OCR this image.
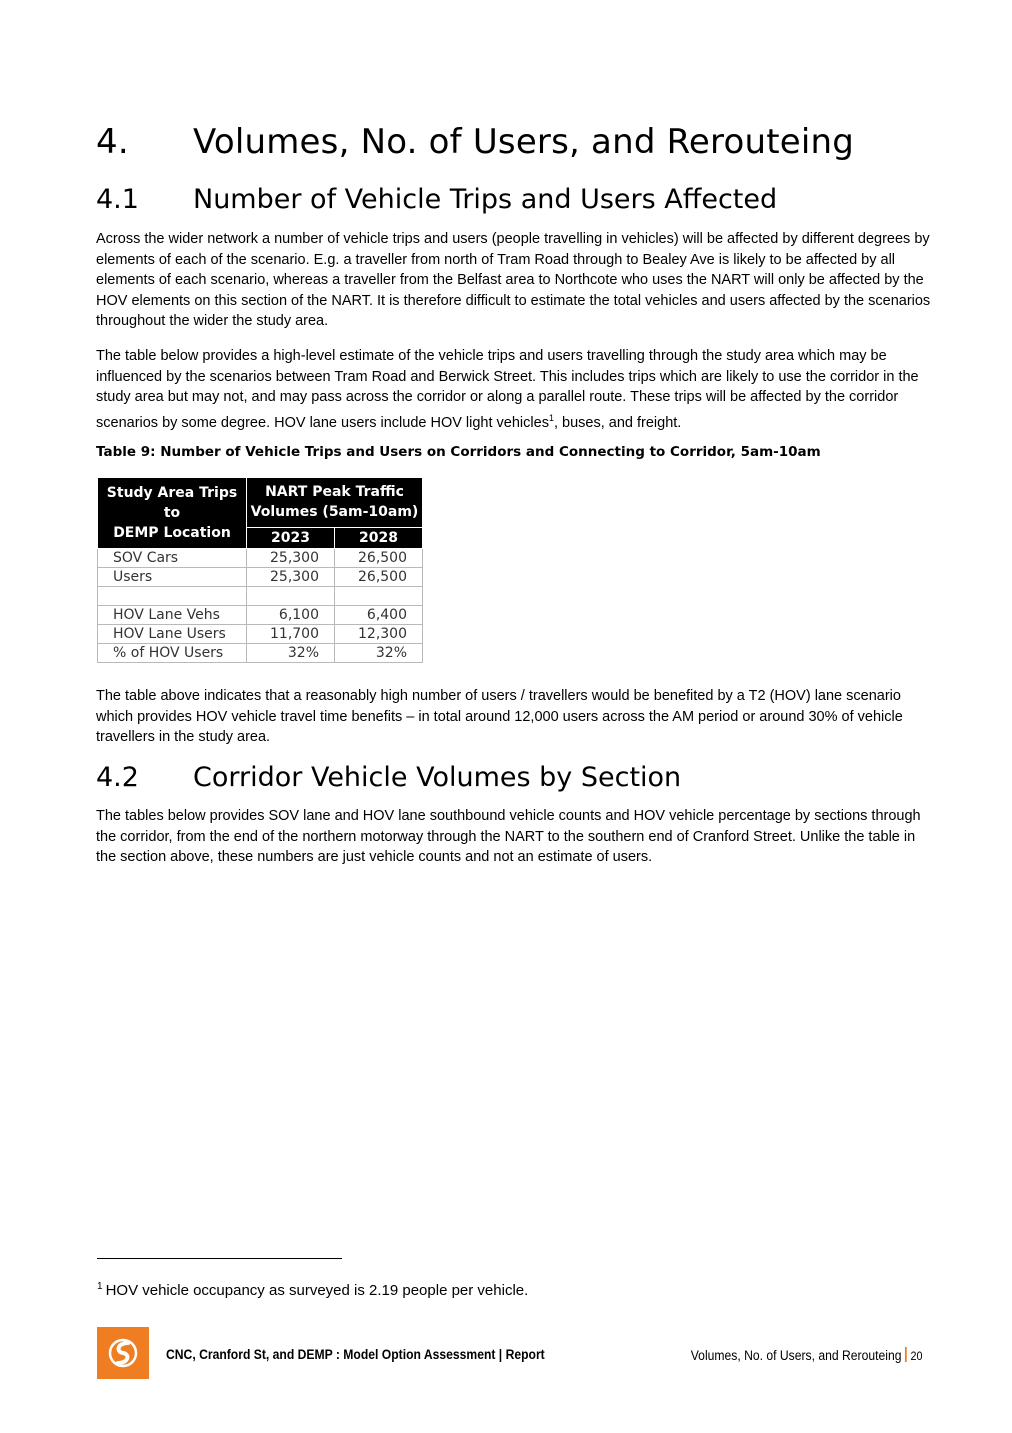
4. Volumes, No. of Users, and Rerouteing
4.1 Number of Vehicle Trips and Users Affected

Across the wider network a number of vehicle trips and users (people travelling in vehicles) will be affected by different degrees by elements of each of the scenario. E.g. a traveller from north of Tram Road through to Bealey Ave is likely to be affected by all elements of each scenario, whereas a traveller from the Belfast area to Northcote who uses the NART will only be affected by the HOV elements on this section of the NART. It is therefore difficult to estimate the total vehicles and users affected by the scenarios throughout the wider the study area.

The table below provides a high-level estimate of the vehicle trips and users travelling through the study area which may be influenced by the scenarios between Tram Road and Berwick Street. This includes trips which are likely to use the corridor in the study area but may not, and may pass across the corridor or along a parallel route. These trips will be affected by the corridor scenarios by some degree. HOV lane users include HOV light vehicles$^1$, buses, and freight.

Table 9: Number of Vehicle Trips and Users on Corridors and Connecting to Corridor, 5am-10am
Study Area Trips to
DEMP Location	NART Peak Traffic
Volumes (5am-10am)	
	2023	2028
SOV Cars	25,300	26,500
Users	25,300	26,500

HOV Lane Vehs	6,100	6,400
HOV Lane Users	11,700	12,300
% of HOV Users	32%	32%

The table above indicates that a reasonably high number of users / travellers would be benefited by a T2 (HOV) lane scenario which provides HOV vehicle travel time benefits – in total around 12,000 users across the AM period or around 30% of vehicle travellers in the study area.

4.2 Corridor Vehicle Volumes by Section

The tables below provides SOV lane and HOV lane southbound vehicle counts and HOV vehicle percentage by sections through the corridor, from the end of the northern motorway through the NART to the southern end of Cranford Street. Unlike the table in the section above, these numbers are just vehicle counts and not an estimate of users.

$^1$ HOV vehicle occupancy as surveyed is 2.19 people per vehicle.
CNC, Cranford St, and DEMP : Model Option Assessment | Report	Volumes, No. of Users, and Rerouteing 20
